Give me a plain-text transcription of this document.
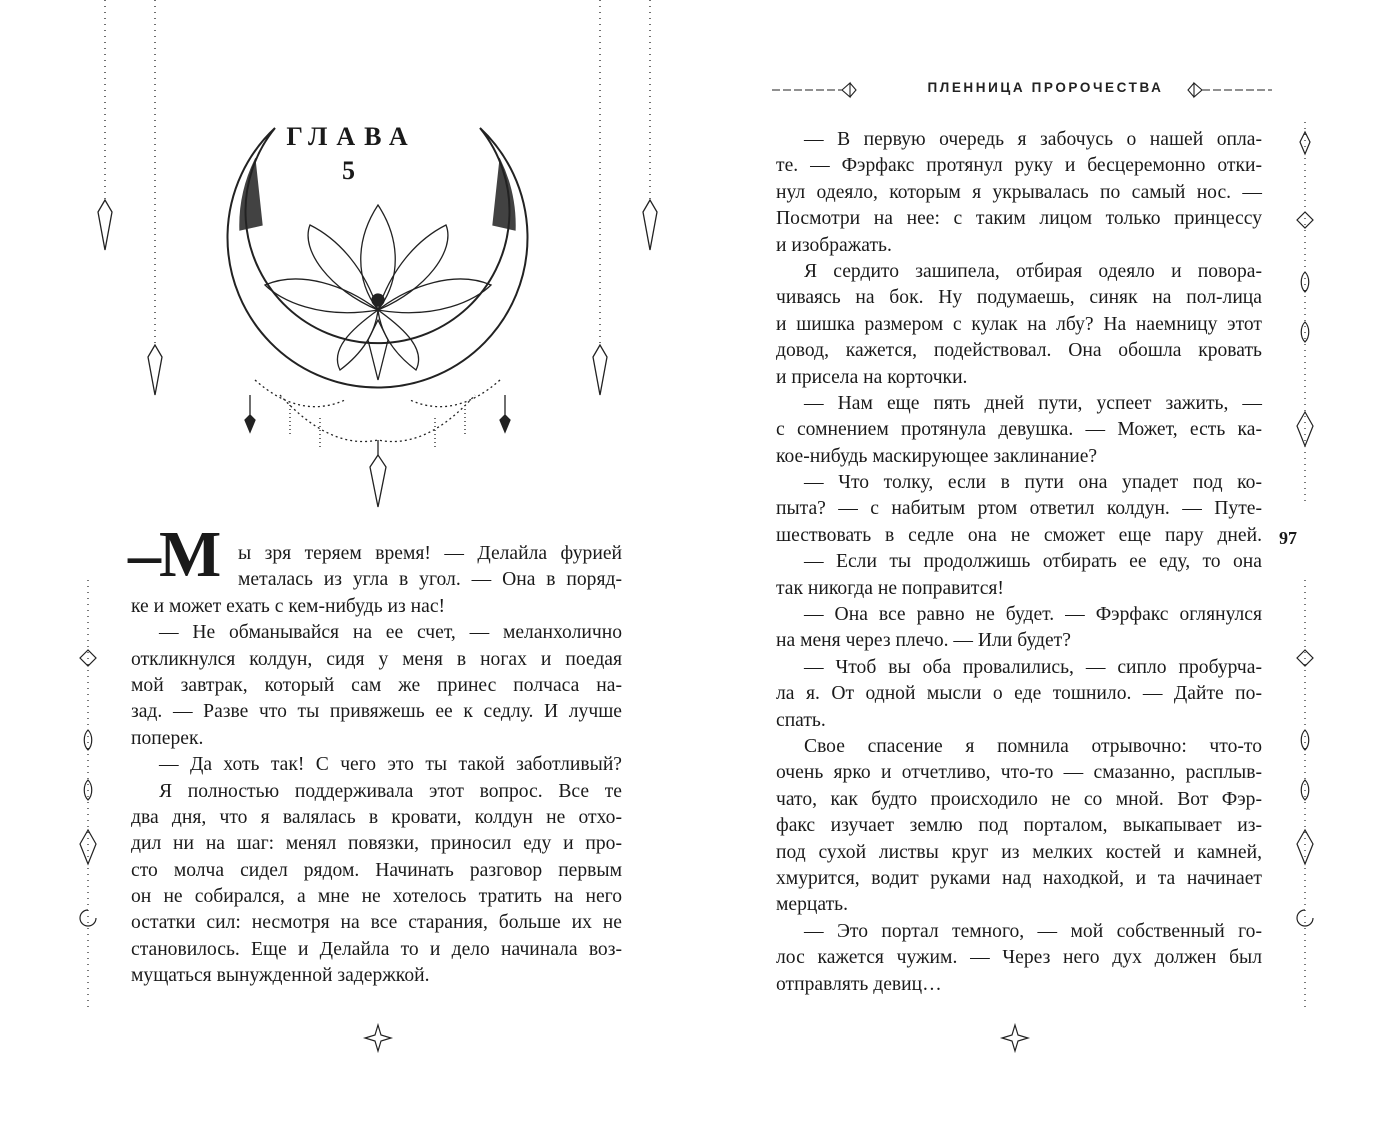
ГЛАВА
5
–М ы зря теряем время! — Делайла фурией
металась из угла в угол. — Она в поряд-
ке и может ехать с кем-нибудь из нас!
— Не обманывайся на ее счет, — меланхолично
откликнулся колдун, сидя у меня в ногах и поедая
мой завтрак, который сам же принес полчаса на-
зад. — Разве что ты привяжешь ее к седлу. И лучше
поперек.
— Да хоть так! С чего это ты такой заботливый?
Я полностью поддерживала этот вопрос. Все те
два дня, что я валялась в кровати, колдун не отхо-
дил ни на шаг: менял повязки, приносил еду и про-
сто молча сидел рядом. Начинать разговор первым
он не собирался, а мне не хотелось тратить на него
остатки сил: несмотря на все старания, больше их не
становилось. Еще и Делайла то и дело начинала воз-
мущаться вынужденной задержкой.
ПЛЕННИЦА ПРОРОЧЕСТВА
— В первую очередь я забочусь о нашей опла-
те. — Фэрфакс протянул руку и бесцеремонно отки-
нул одеяло, которым я укрывалась по самый нос. —
Посмотри на нее: с таким лицом только принцессу
и изображать.
Я сердито зашипела, отбирая одеяло и повора-
чиваясь на бок. Ну подумаешь, синяк на пол-лица
и шишка размером с кулак на лбу? На наемницу этот
довод, кажется, подействовал. Она обошла кровать
и присела на корточки.
— Нам еще пять дней пути, успеет зажить, —
с сомнением протянула девушка. — Может, есть ка-
кое-нибудь маскирующее заклинание?
— Что толку, если в пути она упадет под ко-
пыта? — с набитым ртом ответил колдун. — Путе-
шествовать в седле она не сможет еще пару дней.
— Если ты продолжишь отбирать ее еду, то она
так никогда не поправится!
— Она все равно не будет. — Фэрфакс оглянулся
на меня через плечо. — Или будет?
— Чтоб вы оба провалились, — сипло пробурча-
ла я. От одной мысли о еде тошнило. — Дайте по-
спать.
Свое спасение я помнила отрывочно: что-то
очень ярко и отчетливо, что-то — смазанно, расплыв-
чато, как будто происходило не со мной. Вот Фэр-
факс изучает землю под порталом, выкапывает из-
под сухой листвы круг из мелких костей и камней,
хмурится, водит руками над находкой, и та начинает
мерцать.
— Это портал темного, — мой собственный го-
лос кажется чужим. — Через него дух должен был
отправлять девиц…
97
